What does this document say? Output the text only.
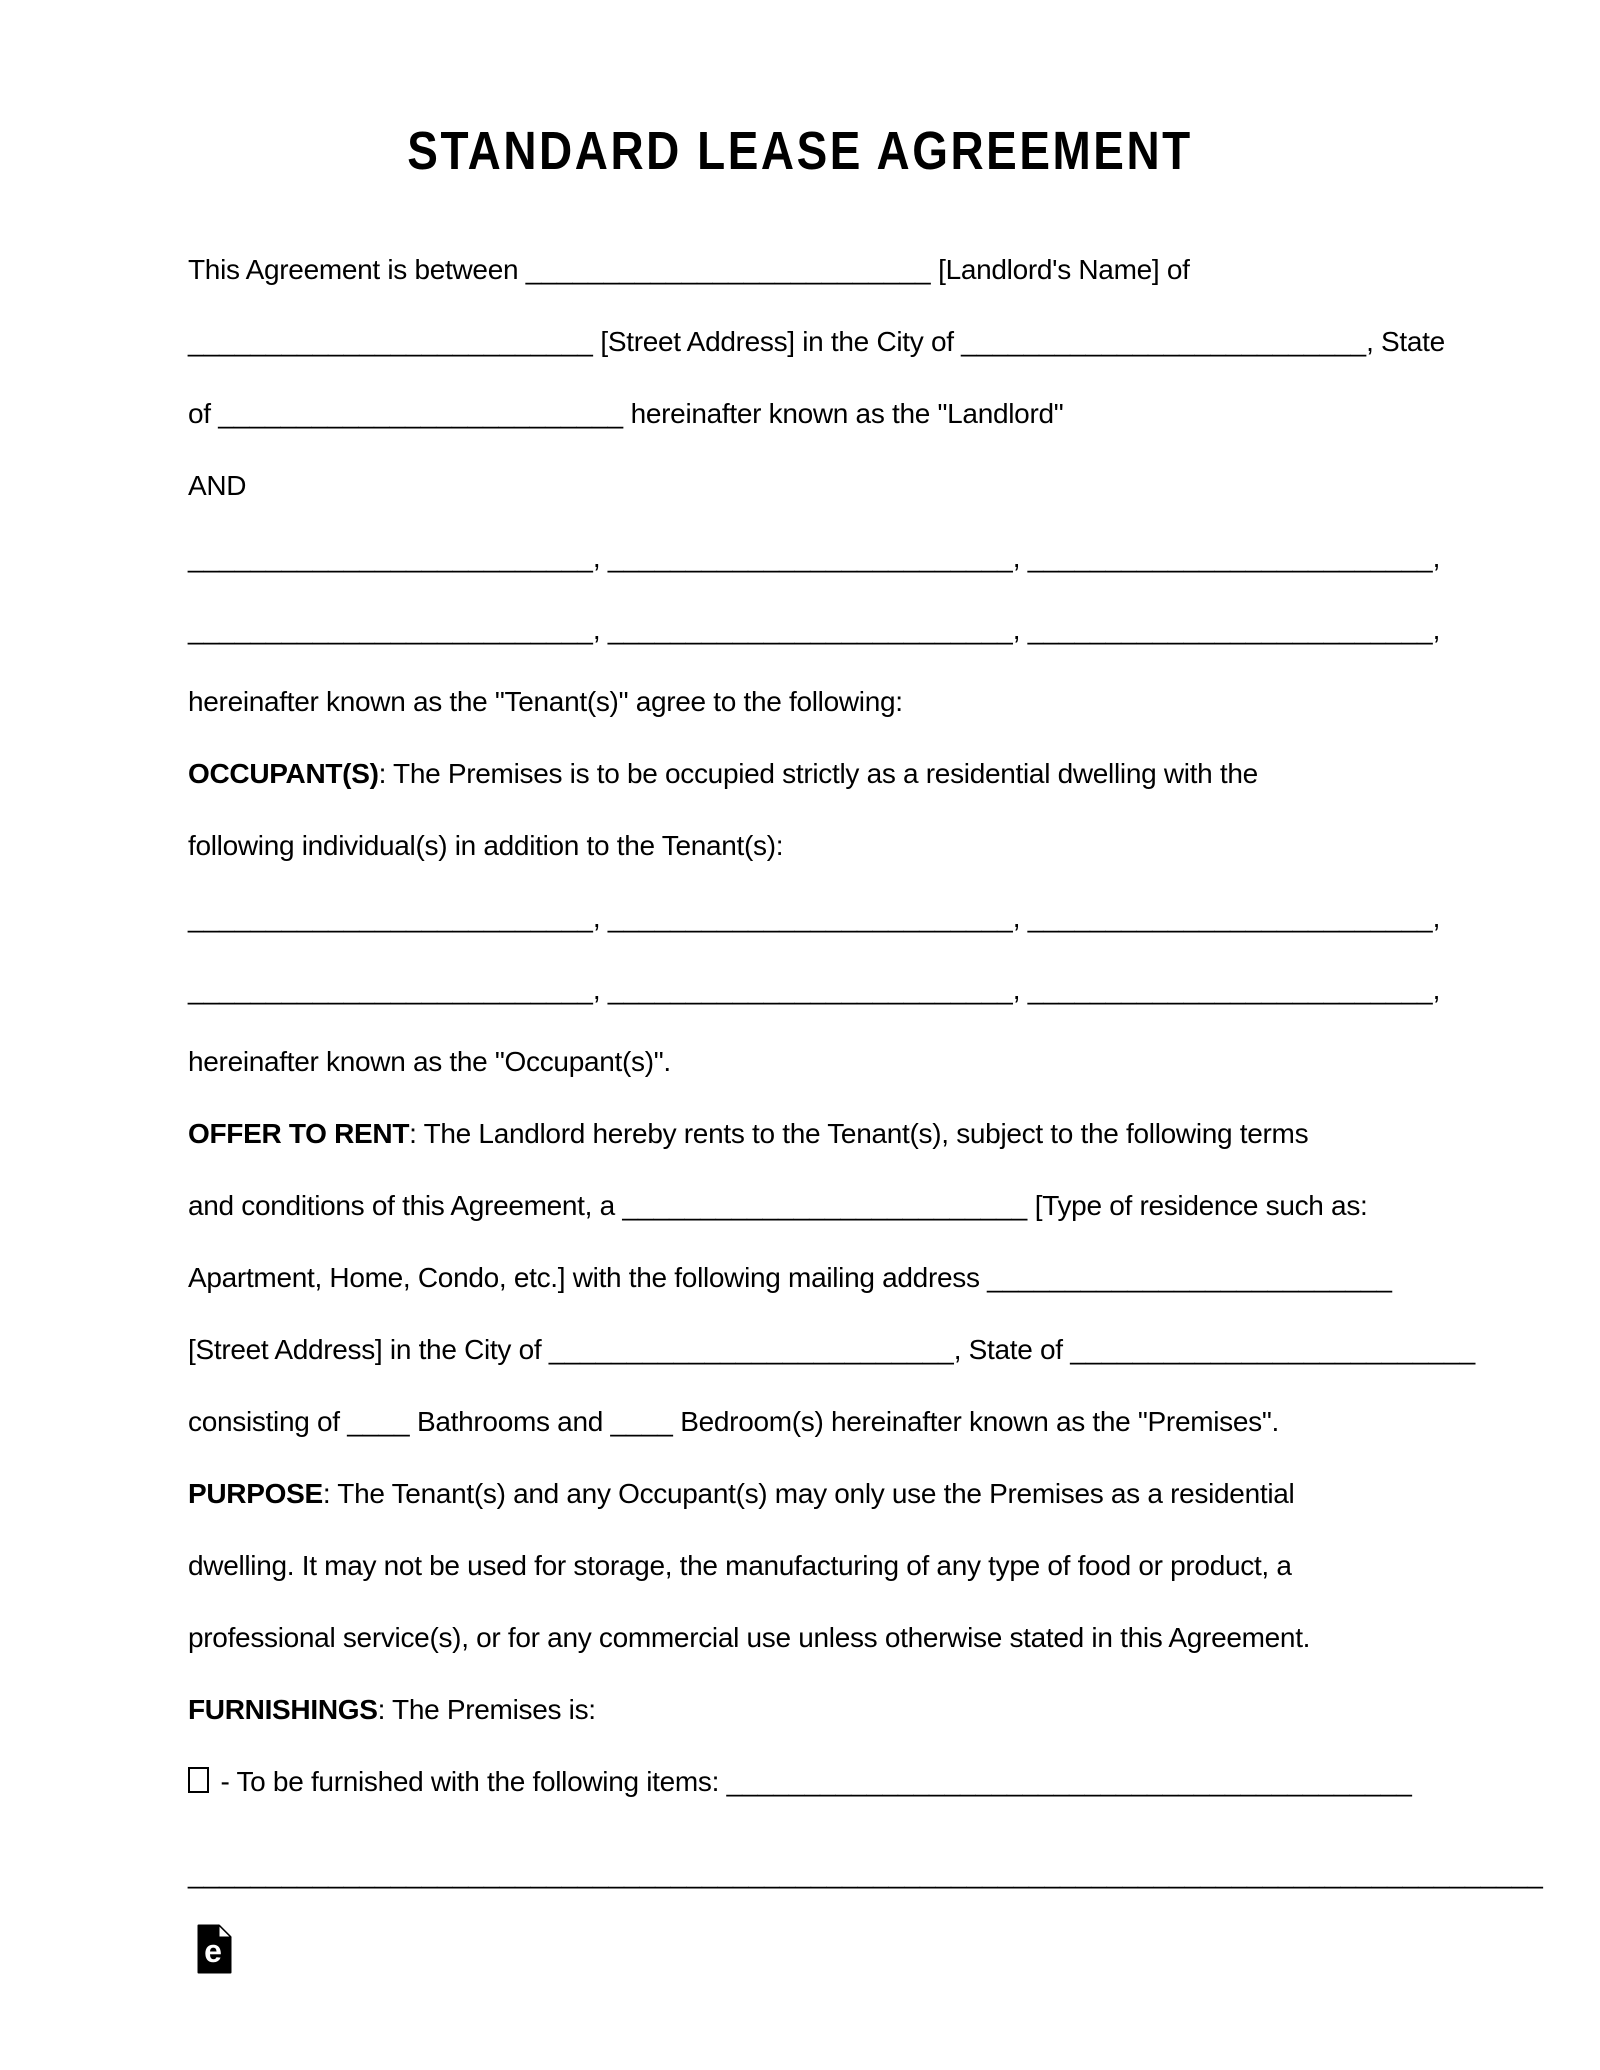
STANDARD LEASE AGREEMENT
This Agreement is between __________________________ [Landlord's Name] of
__________________________ [Street Address] in the City of __________________________, State
of __________________________ hereinafter known as the "Landlord"
AND
__________________________, __________________________, __________________________,
__________________________, __________________________, __________________________,
hereinafter known as the "Tenant(s)" agree to the following:
OCCUPANT(S): The Premises is to be occupied strictly as a residential dwelling with the
following individual(s) in addition to the Tenant(s):
__________________________, __________________________, __________________________,
__________________________, __________________________, __________________________,
hereinafter known as the "Occupant(s)".
OFFER TO RENT: The Landlord hereby rents to the Tenant(s), subject to the following terms
and conditions of this Agreement, a __________________________ [Type of residence such as:
Apartment, Home, Condo, etc.] with the following mailing address __________________________
[Street Address] in the City of __________________________, State of __________________________
consisting of ____ Bathrooms and ____ Bedroom(s) hereinafter known as the "Premises".
PURPOSE: The Tenant(s) and any Occupant(s) may only use the Premises as a residential
dwelling. It may not be used for storage, the manufacturing of any type of food or product, a
professional service(s), or for any commercial use unless otherwise stated in this Agreement.
FURNISHINGS: The Premises is:
- To be furnished with the following items: ____________________________________________
_______________________________________________________________________________________
e
